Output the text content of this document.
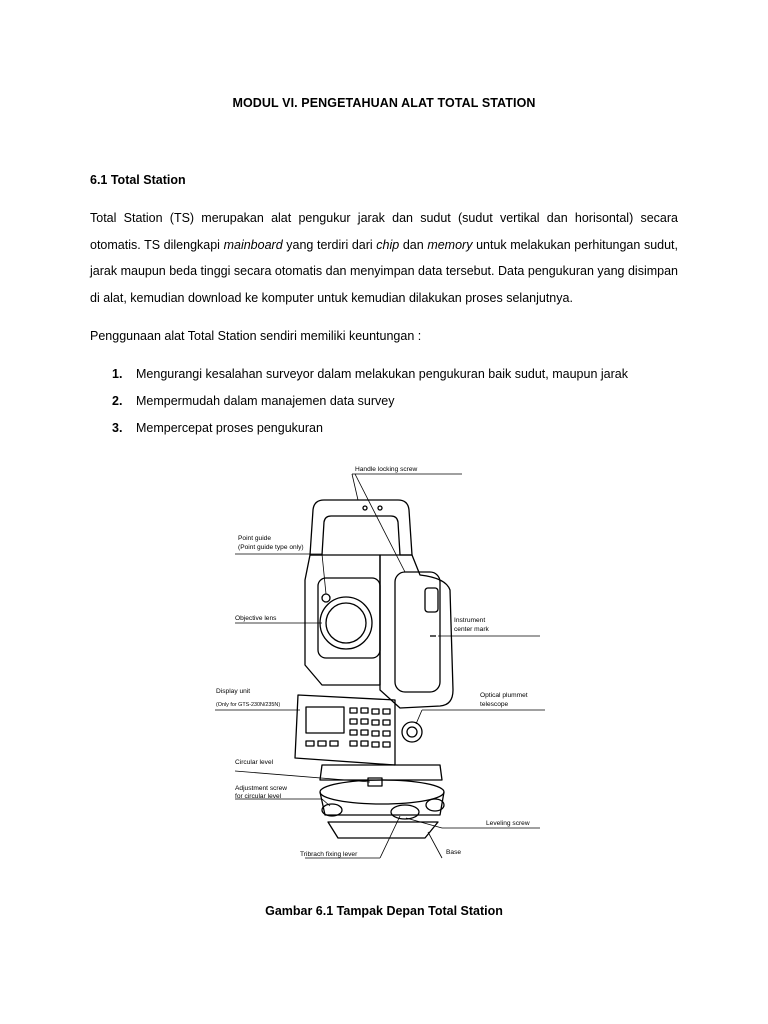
MODUL VI. PENGETAHUAN ALAT TOTAL STATION
6.1 Total Station
Total Station (TS) merupakan alat pengukur jarak dan sudut (sudut vertikal dan horisontal) secara otomatis. TS dilengkapi mainboard yang terdiri dari chip dan memory untuk melakukan perhitungan sudut, jarak maupun beda tinggi secara otomatis dan menyimpan data tersebut. Data pengukuran yang disimpan di alat, kemudian download ke komputer untuk kemudian dilakukan proses selanjutnya.
Penggunaan alat Total Station sendiri memiliki keuntungan :
1. Mengurangi kesalahan surveyor dalam melakukan pengukuran baik sudut, maupun jarak
2. Mempermudah dalam manajemen data survey
3. Mempercepat proses pengukuran
Handle locking screw
Point guide
(Point guide type only)
Objective lens
Display unit
(Only for GTS-230N/235N)
Circular level
Adjustment screw
for circular level
Tribrach fixing lever
Instrument
center mark
Optical plummet
telescope
Leveling screw
Base
Gambar 6.1 Tampak Depan Total Station
